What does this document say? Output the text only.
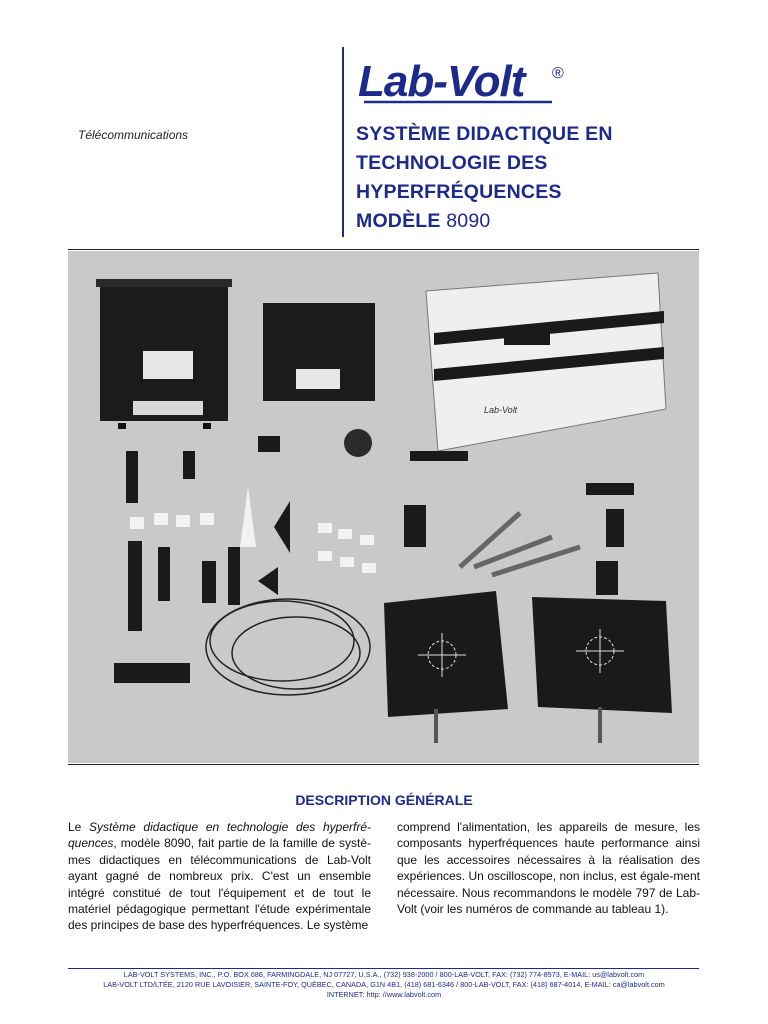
Lab-Volt ®
Télécommunications	SYSTÈME DIDACTIQUE EN
TECHNOLOGIE DES
HYPERFRÉQUENCES
MODÈLE 8090
Lab-Volt
DESCRIPTION GÉNÉRALE
Le Système didactique en technologie des hyperfré-quences, modèle 8090, fait partie de la famille de systè-mes didactiques en télécommunications de Lab-Volt ayant gagné de nombreux prix. C'est un ensemble intégré constitué de tout l'équipement et de tout le matériel pédagogique permettant l'étude expérimentale des principes de base des hyperfréquences. Le système
comprend l'alimentation, les appareils de mesure, les composants hyperfréquences haute performance ainsi que les accessoires nécessaires à la réalisation des expériences. Un oscilloscope, non inclus, est égale-ment nécessaire. Nous recommandons le modèle 797 de Lab-Volt (voir les numéros de commande au tableau 1).
LAB-VOLT SYSTEMS, INC., P.O. BOX 686, FARMINGDALE, NJ 07727, U.S.A., (732) 938-2000 / 800-LAB-VOLT, FAX: (732) 774-8573, E-MAIL: us@labvolt.com
LAB-VOLT LTD/LTÉE, 2120 RUE LAVOISIER, SAINTE-FOY, QUÉBEC, CANADA, G1N 4B1, (418) 681-6346 / 800-LAB-VOLT, FAX: (418) 687-4014, E-MAIL: ca@labvolt.com
INTERNET: http: //www.labvolt.com
